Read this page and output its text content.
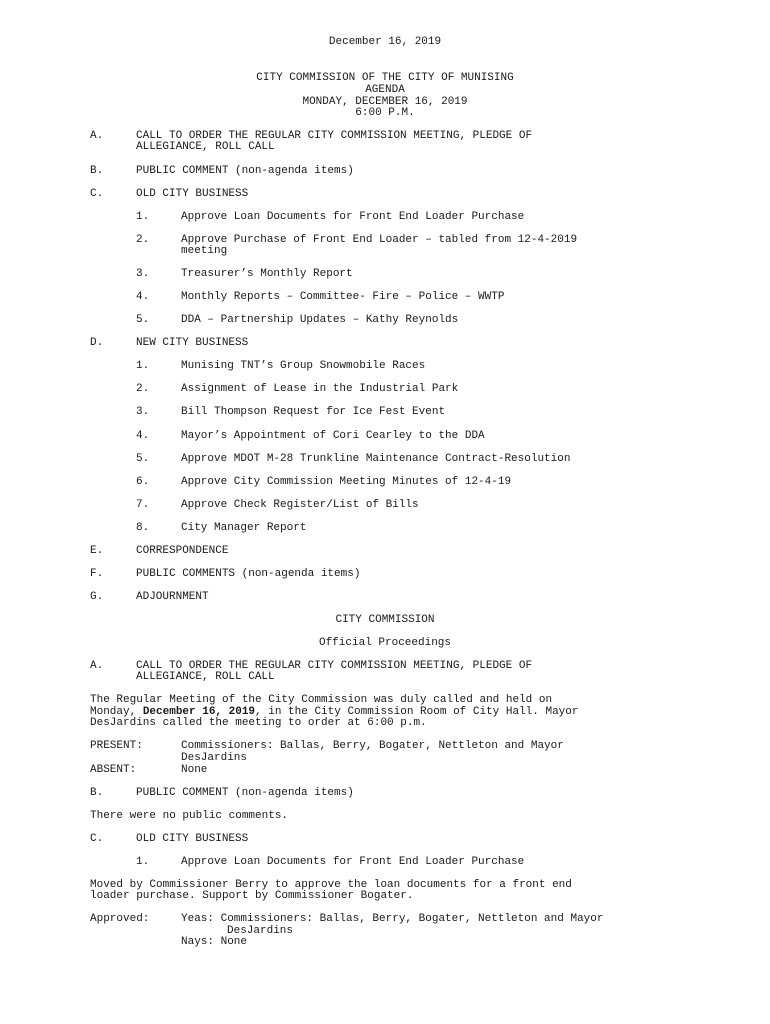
December 16, 2019
CITY COMMISSION OF THE CITY OF MUNISING
AGENDA
MONDAY, DECEMBER 16, 2019
6:00 P.M.
A.	CALL TO ORDER THE REGULAR CITY COMMISSION MEETING, PLEDGE OF
ALLEGIANCE, ROLL CALL
B.	PUBLIC COMMENT (non-agenda items)
C.	OLD CITY BUSINESS
1.	Approve Loan Documents for Front End Loader Purchase
2.	Approve Purchase of Front End Loader – tabled from 12-4-2019
meeting
3.	Treasurer’s Monthly Report
4.	Monthly Reports – Committee- Fire – Police – WWTP
5.	DDA – Partnership Updates – Kathy Reynolds
D.	NEW CITY BUSINESS
1.	Munising TNT’s Group Snowmobile Races
2.	Assignment of Lease in the Industrial Park
3.	Bill Thompson Request for Ice Fest Event
4.	Mayor’s Appointment of Cori Cearley to the DDA
5.	Approve MDOT M-28 Trunkline Maintenance Contract-Resolution
6.	Approve City Commission Meeting Minutes of 12-4-19
7.	Approve Check Register/List of Bills
8.	City Manager Report
E.	CORRESPONDENCE
F.	PUBLIC COMMENTS (non-agenda items)
G.	ADJOURNMENT
CITY COMMISSION
Official Proceedings
A.	CALL TO ORDER THE REGULAR CITY COMMISSION MEETING, PLEDGE OF
ALLEGIANCE, ROLL CALL
The Regular Meeting of the City Commission was duly called and held on
Monday, December 16, 2019, in the City Commission Room of City Hall. Mayor
DesJardins called the meeting to order at 6:00 p.m.
PRESENT:	Commissioners: Ballas, Berry, Bogater, Nettleton and Mayor
DesJardins
ABSENT:	None
B.	PUBLIC COMMENT (non-agenda items)
There were no public comments.
C.	OLD CITY BUSINESS
1.	Approve Loan Documents for Front End Loader Purchase
Moved by Commissioner Berry to approve the loan documents for a front end
loader purchase. Support by Commissioner Bogater.
Approved:	Yeas: Commissioners: Ballas, Berry, Bogater, Nettleton and Mayor
DesJardins
Nays: None
